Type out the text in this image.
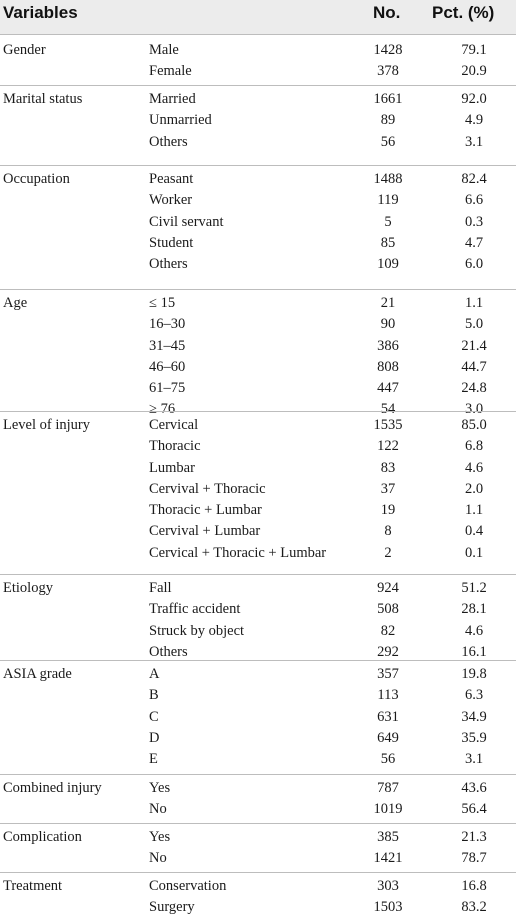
Variables	No. Pct. (%)
Gender	Male	1428	79.1
Female	378	20.9
Marital status	Married	1661	92.0
Unmarried	89	4.9
Others	56	3.1
Occupation	Peasant	1488	82.4
Worker	119	6.6
Civil servant	5	0.3
Student	85	4.7
Others	109	6.0
Age	≤ 15	21	1.1
16–30	90	5.0
31–45	386	21.4
46–60	808	44.7
61–75	447	24.8
≥ 76	54	3.0
Level of injury	Cervical	1535	85.0
Thoracic	122	6.8
Lumbar	83	4.6
Cervival + Thoracic	37	2.0
Thoracic + Lumbar	19	1.1
Cervival + Lumbar	8	0.4
Cervical + Thoracic + Lumbar	2	0.1
Etiology	Fall	924	51.2
Traffic accident	508	28.1
Struck by object	82	4.6
Others	292	16.1
ASIA grade	A	357	19.8
B	113	6.3
C	631	34.9
D	649	35.9
E	56	3.1
Combined injury	Yes	787	43.6
No	1019	56.4
Complication	Yes	385	21.3
No	1421	78.7
Treatment	Conservation	303	16.8
Surgery	1503	83.2
